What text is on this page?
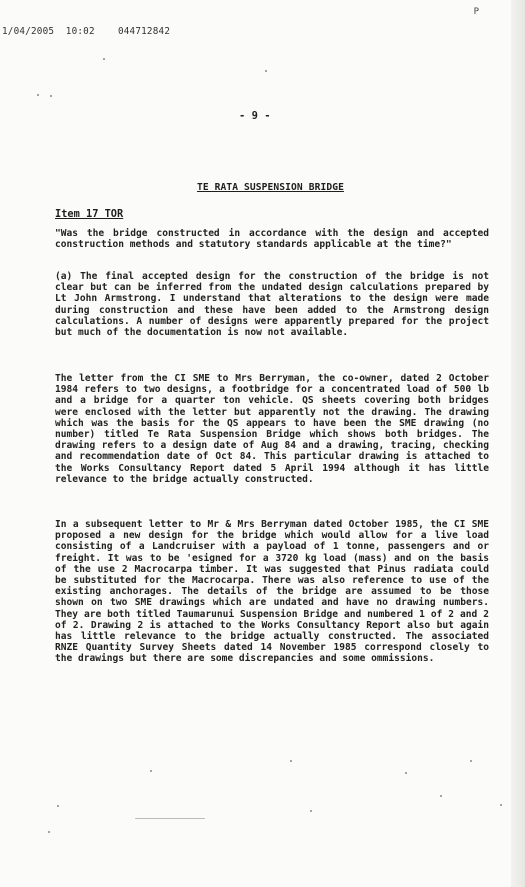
1/04/2005  10:02    044712842
P
- 9 -
TE RATA SUSPENSION BRIDGE
Item 17 TOR
"Was the bridge constructed in accordance with the design and accepted construction methods and statutory standards applicable at the time?"
(a) The final accepted design for the construction of the bridge is not clear but can be inferred from the undated design calculations prepared by Lt John Armstrong. I understand that alterations to the design were made during construction and these have been added to the Armstrong design calculations. A number of designs were apparently prepared for the project but much of the documentation is now not available.
The letter from the CI SME to Mrs Berryman, the co-owner, dated 2 October 1984 refers to two designs, a footbridge for a concentrated load of 500 lb and a bridge for a quarter ton vehicle. QS sheets covering both bridges were enclosed with the letter but apparently not the drawing. The drawing which was the basis for the QS appears to have been the SME drawing (no number) titled Te Rata Suspension Bridge which shows both bridges. The drawing refers to a design date of Aug 84 and a drawing, tracing, checking and recommendation date of Oct 84. This particular drawing is attached to the Works Consultancy Report dated 5 April 1994 although it has little relevance to the bridge actually constructed.
In a subsequent letter to Mr & Mrs Berryman dated October 1985, the CI SME proposed a new design for the bridge which would allow for a live load consisting of a Landcruiser with a payload of 1 tonne, passengers and or freight. It was to be 'esigned for a 3720 kg load (mass) and on the basis of the use 2 Macrocarpa timber. It was suggested that Pinus radiata could be substituted for the Macrocarpa. There was also reference to use of the existing anchorages. The details of the bridge are assumed to be those shown on two SME drawings which are undated and have no drawing numbers. They are both titled Taumarunui Suspension Bridge and numbered 1 of 2 and 2 of 2. Drawing 2 is attached to the Works Consultancy Report also but again has little relevance to the bridge actually constructed. The associated RNZE Quantity Survey Sheets dated 14 November 1985 correspond closely to the drawings but there are some discrepancies and some ommissions.
